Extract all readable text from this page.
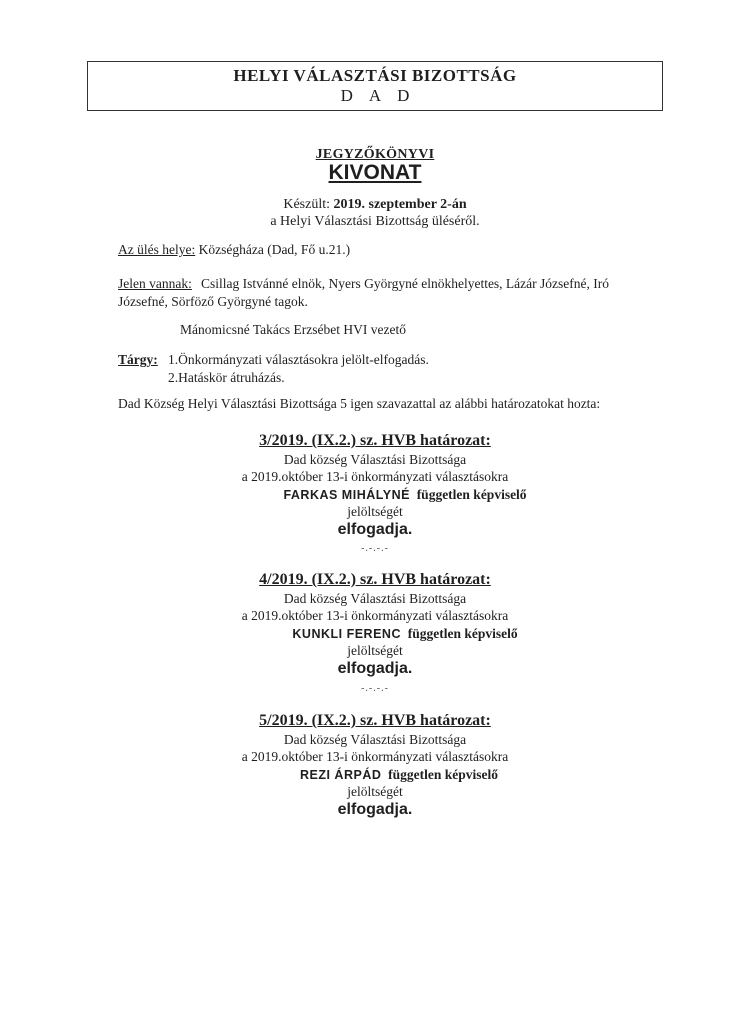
HELYI VÁLASZTÁSI BIZOTTSÁG
DAD
JEGYZŐKÖNYVI
KIVONAT
Készült: 2019. szeptember 2-án
a Helyi Választási Bizottság üléséről.
Az ülés helye: Községháza (Dad, Fő u.21.)
Jelen vannak: Csillag Istvánné elnök, Nyers Györgyné elnökhelyettes, Lázár Józsefné, Iró Józsefné, Sörföző Györgyné tagok.
Mánomicsné Takács Erzsébet HVI vezető
Tárgy: 1.Önkormányzati választásokra jelölt-elfogadás.
2.Hatáskör átruházás.
Dad Község Helyi Választási Bizottsága 5 igen szavazattal az alábbi határozatokat hozta:
3/2019. (IX.2.) sz. HVB határozat:
Dad község Választási Bizottsága
a 2019.október 13-i önkormányzati választásokra
FARKAS MIHÁLYNÉ független képviselő
jelöltségét
elfogadja.
-.-.-.-
4/2019. (IX.2.) sz. HVB határozat:
Dad község Választási Bizottsága
a 2019.október 13-i önkormányzati választásokra
KUNKLI FERENC független képviselő
jelöltségét
elfogadja.
-.-.-.-
5/2019. (IX.2.) sz. HVB határozat:
Dad község Választási Bizottsága
a 2019.október 13-i önkormányzati választásokra
REZI ÁRPÁD független képviselő
jelöltségét
elfogadja.
